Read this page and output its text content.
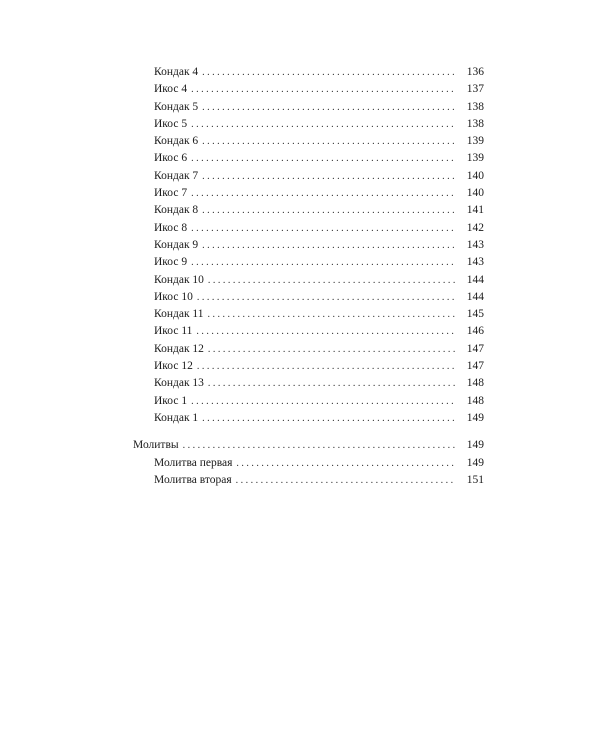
Кондак 4 . . .	136
Икос 4 . . .	137
Кондак 5 . . .	138
Икос 5 . . .	138
Кондак 6 . . .	139
Икос 6 . . .	139
Кондак 7 . . .	140
Икос 7 . . .	140
Кондак 8 . . .	141
Икос 8 . . .	142
Кондак 9 . . .	143
Икос 9 . . .	143
Кондак 10 . . .	144
Икос 10 . . .	144
Кондак 11 . . .	145
Икос 11 . . .	146
Кондак 12 . . .	147
Икос 12 . . .	147
Кондак 13 . . .	148
Икос 1 . . .	148
Кондак 1 . . .	149
Молитвы . . .	149
Молитва первая . . .	149
Молитва вторая . . .	151
